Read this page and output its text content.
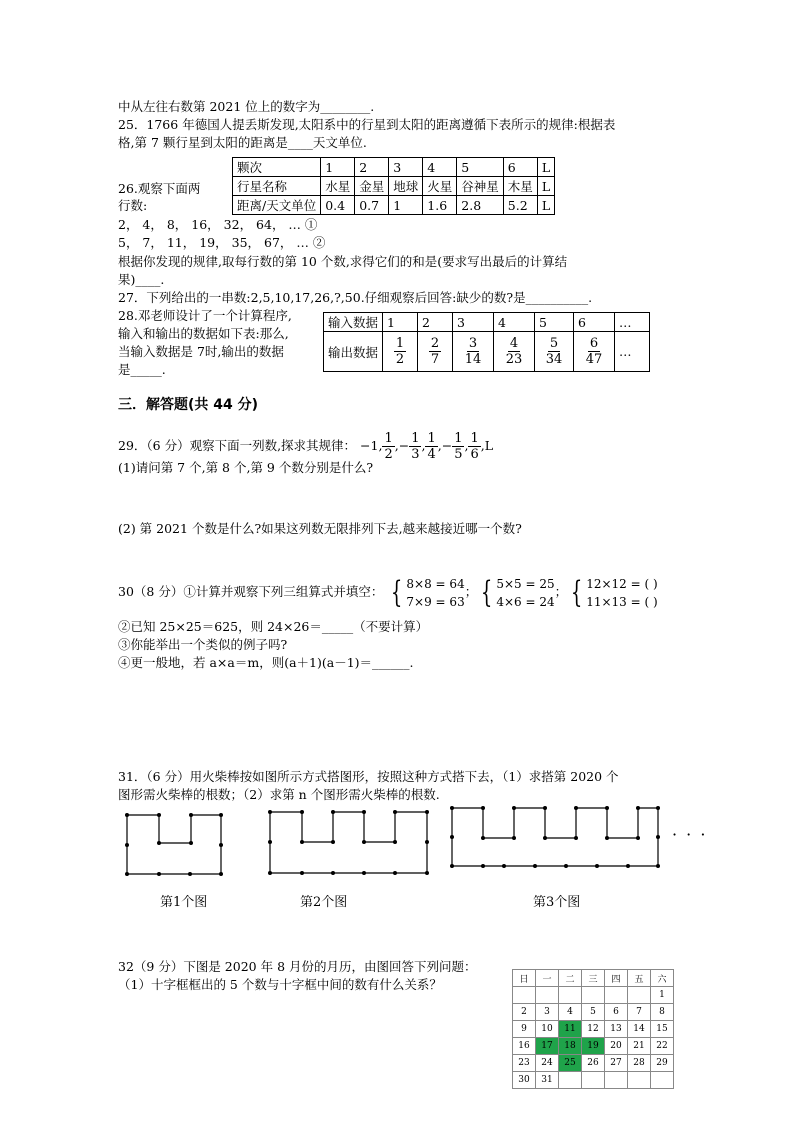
中从左往右数第 2021 位上的数字为________.
25．1766 年德国人提丢斯发现,太阳系中的行星到太阳的距离遵循下表所示的规律:根据表
格,第 7 颗行星到太阳的距离是____天文单位.
颗次	1	2	3	4	5	6	L
行星名称	水星	金星	地球	火星	谷神星	木星	L
距离/天文单位	0.4	0.7	1	1.6	2.8	5.2	L
26.观察下面两
行数:
2， 4， 8， 16， 32， 64， … ①
5， 7， 11， 19， 35， 67， … ②
根据你发现的规律,取每行数的第 10 个数,求得它们的和是(要求写出最后的计算结
果)____.
27．下列给出的一串数:2,5,10,17,26,?,50.仔细观察后回答:缺少的数?是__________.
28.邓老师设计了一个计算程序,
输入和输出的数据如下表:那么,
当输入数据是 7时,输出的数据
是_____.
输入数据	1	2	3	4	5	6	…
输出数据	$\frac{1}{2}$	$\frac{2}{7}$	$\frac{3}{14}$	$\frac{4}{23}$	$\frac{5}{34}$	$\frac{6}{47}$	…
三．解答题(共 44 分)
29．（6 分）观察下面一列数,探求其规律： −1, $\frac{1}{2}$ ,− $\frac{1}{3}$ , $\frac{1}{4}$ ,− $\frac{1}{5}$ , $\frac{1}{6} ,L$
(1)请问第 7 个,第 8 个,第 9 个数分别是什么?
(2) 第 2021 个数是什么?如果这列数无限排列下去,越来越接近哪一个数?
30（8 分）①计算并观察下列三组算式并填空： { 8×8 = 64
7×9 = 63
； { 5×5 = 25
4×6 = 24
； { 12×12 = ( )
11×13 = ( )
②已知 25×25＝625，则 24×26＝_____（不要计算）
③你能举出一个类似的例子吗?
④更一般地，若 a×a＝m，则(a＋1)(a－1)＝______.
31．（6 分）用火柴棒按如图所示方式搭图形，按照这种方式搭下去，（1）求搭第 2020 个
图形需火柴棒的根数；（2）求第 n 个图形需火柴棒的根数.
· · ·
第1个图	第2个图	第3个图
32（9 分）下图是 2020 年 8 月份的月历，由图回答下列问题：
（1）十字框框出的 5 个数与十字框中间的数有什么关系？	日	一	二	三	四	五	六
						1
2	3	4	5	6	7	8
9	10	11	12	13	14	15
16	17	18	19	20	21	22
23	24	25	26	27	28	29
30	31					
